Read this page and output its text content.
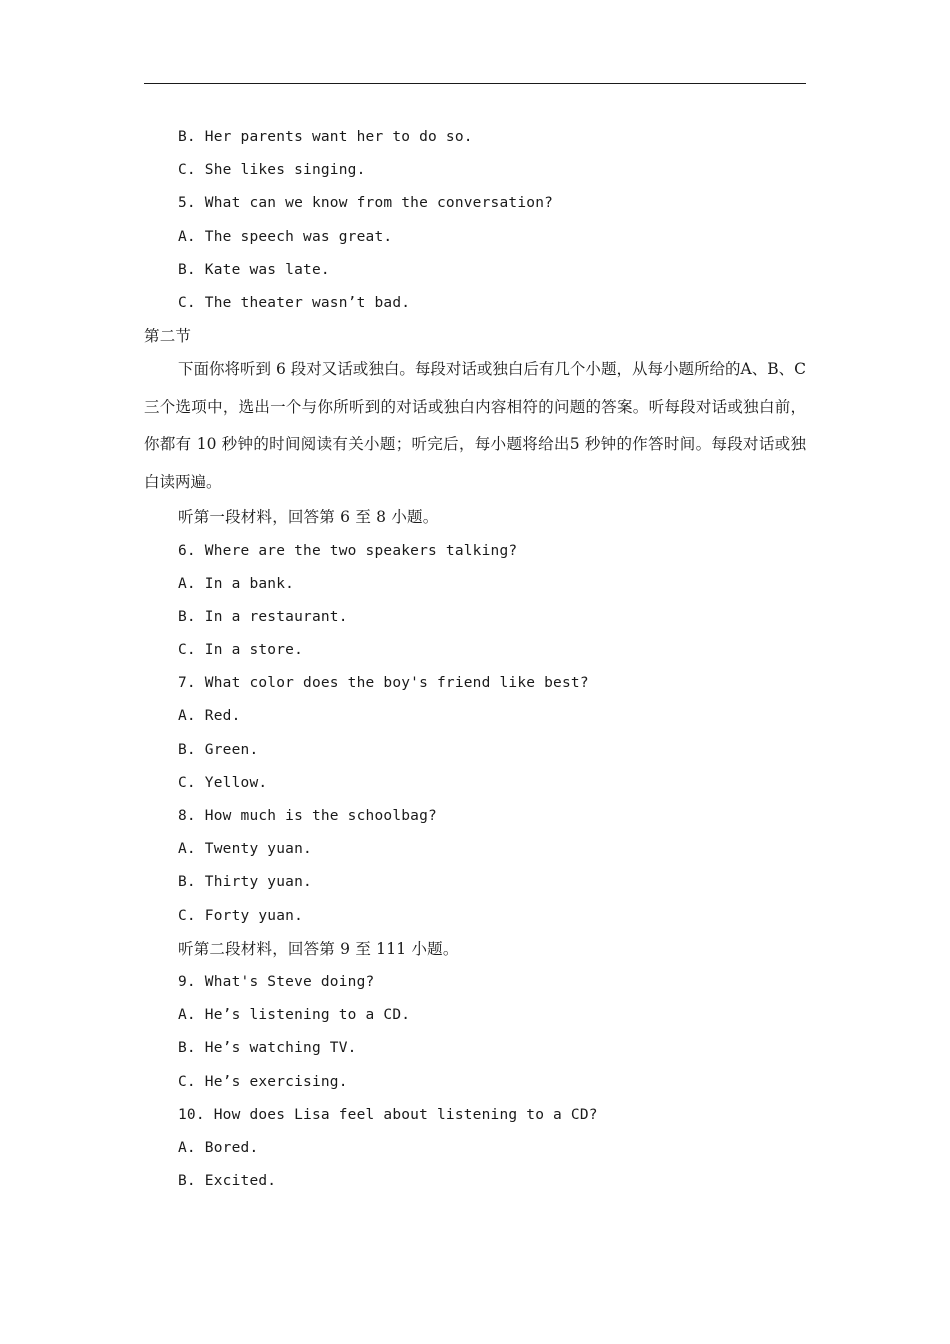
B. Her parents want her to do so.
C. She likes singing.
5. What can we know from the conversation?
A. The speech was great.
B. Kate was late.
C. The theater wasn’t bad.
第二节

下面你将听到 6 段对又话或独白。每段对话或独白后有几个小题，从每小题所给的A、B、C 三个选项中，选出一个与你所听到的对话或独白内容相符的问题的答案。听每段对话或独白前，你都有 10 秒钟的时间阅读有关小题；听完后，每小题将给出5 秒钟的作答时间。每段对话或独白读两遍。

听第一段材料，回答第 6 至 8 小题。
6. Where are the two speakers talking?
A. In a bank.
B. In a restaurant.
C. In a store.
7. What color does the boy's friend like best?
A. Red.
B. Green.
C. Yellow.
8. How much is the schoolbag?
A. Twenty yuan.
B. Thirty yuan.
C. Forty yuan.
听第二段材料，回答第 9 至 111 小题。
9. What's Steve doing?
A. He’s listening to a CD.
B. He’s watching TV.
C. He’s exercising.
10. How does Lisa feel about listening to a CD?
A. Bored.
B. Excited.
